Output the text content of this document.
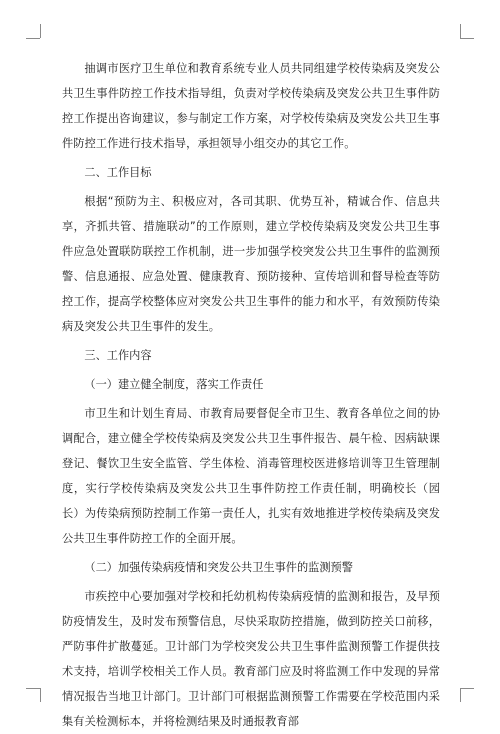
抽调市医疗卫生单位和教育系统专业人员共同组建学校传染病及突发公共卫生事件防控工作技术指导组，负责对学校传染病及突发公共卫生事件防控工作提出咨询建议，参与制定工作方案，对学校传染病及突发公共卫生事件防控工作进行技术指导，承担领导小组交办的其它工作。

二、工作目标

根据“预防为主、积极应对，各司其职、优势互补，精诚合作、信息共享，齐抓共管、措施联动”的工作原则，建立学校传染病及突发公共卫生事件应急处置联防联控工作机制，进一步加强学校突发公共卫生事件的监测预警、信息通报、应急处置、健康教育、预防接种、宣传培训和督导检查等防控工作，提高学校整体应对突发公共卫生事件的能力和水平，有效预防传染病及突发公共卫生事件的发生。

三、工作内容

（一）建立健全制度，落实工作责任

市卫生和计划生育局、市教育局要督促全市卫生、教育各单位之间的协调配合，建立健全学校传染病及突发公共卫生事件报告、晨午检、因病缺课登记、餐饮卫生安全监管、学生体检、消毒管理校医进修培训等卫生管理制度，实行学校传染病及突发公共卫生事件防控工作责任制，明确校长（园长）为传染病预防控制工作第一责任人，扎实有效地推进学校传染病及突发公共卫生事件防控工作的全面开展。

（二）加强传染病疫情和突发公共卫生事件的监测预警

市疾控中心要加强对学校和托幼机构传染病疫情的监测和报告，及早预防疫情发生，及时发布预警信息，尽快采取防控措施，做到防控关口前移，严防事件扩散蔓延。卫计部门为学校突发公共卫生事件监测预警工作提供技术支持，培训学校相关工作人员。教育部门应及时将监测工作中发现的异常情况报告当地卫计部门。卫计部门可根据监测预警工作需要在学校范围内采集有关检测标本，并将检测结果及时通报教育部
